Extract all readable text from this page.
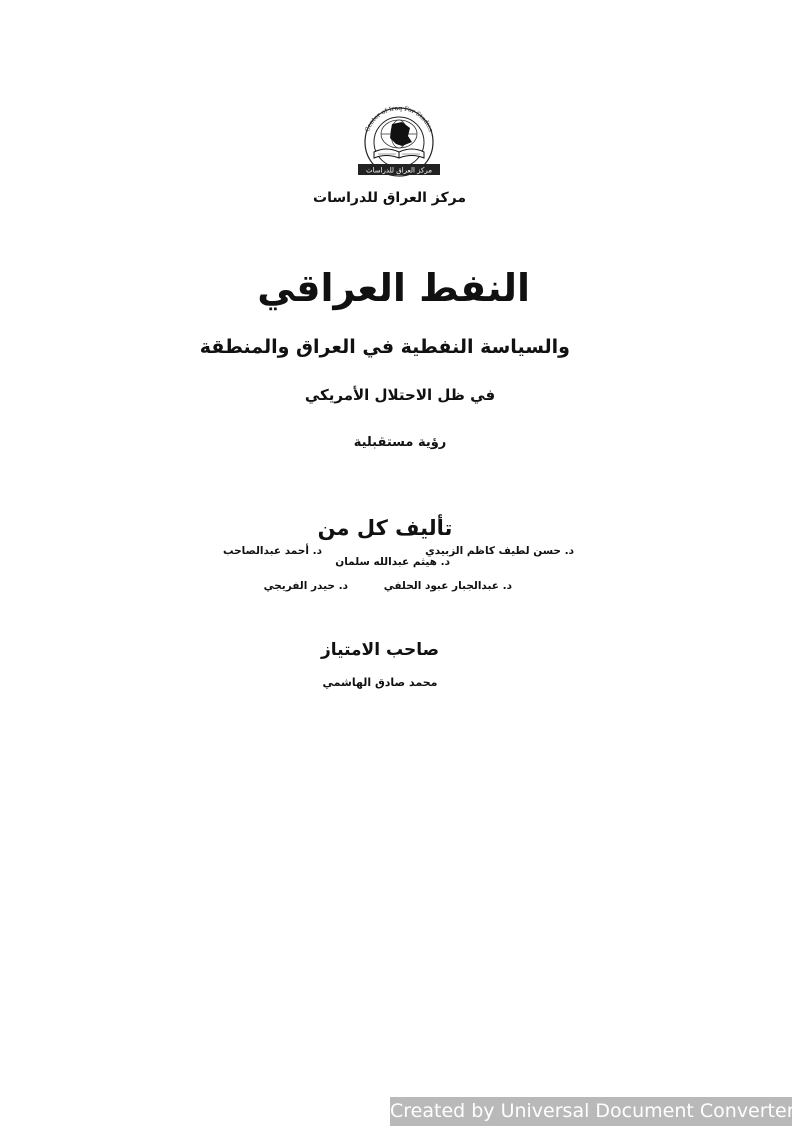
Center of Iraq For Studies
مركز العراق للدراسات
مركز العراق للدراسات
النفط العراقي
والسياسة النفطية في العراق والمنطقة
في ظل الاحتلال الأمريكي
رؤية مستقبلية
تأليف كل من
د. حسن لطيف كاظم الزبيدي
د. هيثم عبدالله سلمان
د. أحمد عبدالصاحب
د. عبدالجبار عبود الحلفي
د. حيدر الفريجي
صاحب الامتياز
محمد صادق الهاشمي
Created by Universal Document Converter
